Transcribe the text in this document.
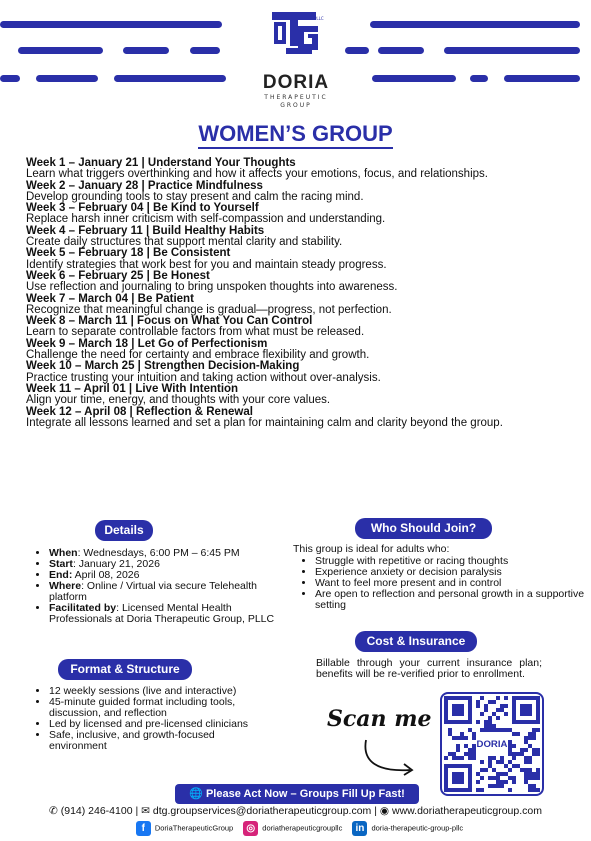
PLLC
DORIA
THERAPEUTIC
GROUP
WOMEN’S GROUP
Week 1 – January 21 | Understand Your Thoughts
Learn what triggers overthinking and how it affects your emotions, focus, and relationships.
Week 2 – January 28 | Practice Mindfulness
Develop grounding tools to stay present and calm the racing mind.
Week 3 – February 04 | Be Kind to Yourself
Replace harsh inner criticism with self-compassion and understanding.
Week 4 – February 11 | Build Healthy Habits
Create daily structures that support mental clarity and stability.
Week 5 – February 18 | Be Consistent
Identify strategies that work best for you and maintain steady progress.
Week 6 – February 25 | Be Honest
Use reflection and journaling to bring unspoken thoughts into awareness.
Week 7 – March 04 | Be Patient
Recognize that meaningful change is gradual—progress, not perfection.
Week 8 – March 11 | Focus on What You Can Control
Learn to separate controllable factors from what must be released.
Week 9 – March 18 | Let Go of Perfectionism
Challenge the need for certainty and embrace flexibility and growth.
Week 10 – March 25 | Strengthen Decision-Making
Practice trusting your intuition and taking action without over-analysis.
Week 11 – April 01 | Live With Intention
Align your time, energy, and thoughts with your core values.
Week 12 – April 08 | Reflection & Renewal
Integrate all lessons learned and set a plan for maintaining calm and clarity beyond the group.
Details
• When: Wednesdays, 6:00 PM – 6:45 PM
• Start: January 21, 2026
• End: April 08, 2026
• Where: Online / Virtual via secure Telehealth platform
• Facilitated by: Licensed Mental Health Professionals at Doria Therapeutic Group, PLLC
Format & Structure
• 12 weekly sessions (live and interactive)
• 45-minute guided format including tools, discussion, and reflection
• Led by licensed and pre-licensed clinicians
• Safe, inclusive, and growth-focused environment
Who Should Join?
This group is ideal for adults who:
• Struggle with repetitive or racing thoughts
• Experience anxiety or decision paralysis
• Want to feel more present and in control
• Are open to reflection and personal growth in a supportive setting
Cost & Insurance
Billable through your current insurance plan; benefits will be re-verified prior to enrollment.
Scan me
DORIA
🌐 Please Act Now – Groups Fill Up Fast!
✆ (914) 246-4100 | ✉ dtg.groupservices@doriatherapeuticgroup.com | ◉ www.doriatherapeuticgroup.com
f DoriaTherapeuticGroup ◎ doriatherapeuticgroupllc in doria-therapeutic-group-pllc
